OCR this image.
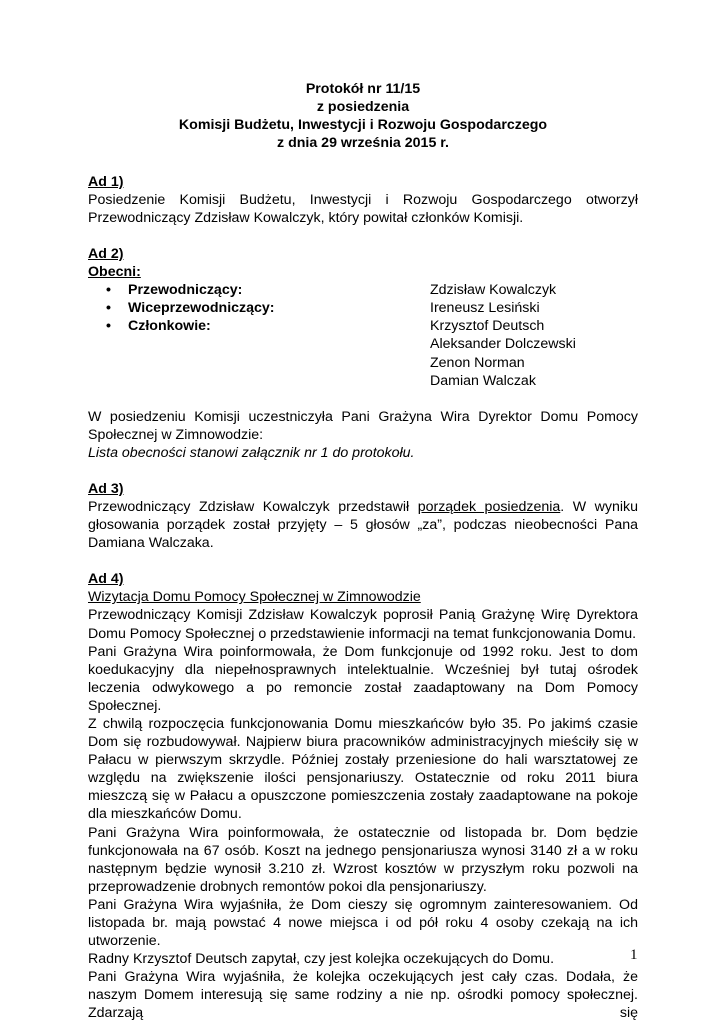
Protokół nr 11/15
z posiedzenia
Komisji Budżetu, Inwestycji i Rozwoju Gospodarczego
z dnia 29 września 2015 r.
Ad 1)

Posiedzenie Komisji Budżetu, Inwestycji i Rozwoju Gospodarczego otworzył Przewodniczący Zdzisław Kowalczyk, który powitał członków Komisji.

Ad 2)
Obecni:
• Przewodniczący:	Zdzisław Kowalczyk
• Wiceprzewodniczący:	Ireneusz Lesiński
• Członkowie:	Krzysztof Deutsch
Aleksander Dolczewski
Zenon Norman
Damian Walczak

W posiedzeniu Komisji uczestniczyła Pani Grażyna Wira Dyrektor Domu Pomocy Społecznej w Zimnowodzie:

Lista obecności stanowi załącznik nr 1 do protokołu.

Ad 3)

Przewodniczący Zdzisław Kowalczyk przedstawił porządek posiedzenia. W wyniku głosowania porządek został przyjęty – 5 głosów „za”, podczas nieobecności Pana Damiana Walczaka.

Ad 4)

Wizytacja Domu Pomocy Społecznej w Zimnowodzie

Przewodniczący Komisji Zdzisław Kowalczyk poprosił Panią Grażynę Wirę Dyrektora Domu Pomocy Społecznej o przedstawienie informacji na temat funkcjonowania Domu.

Pani Grażyna Wira poinformowała, że Dom funkcjonuje od 1992 roku. Jest to dom koedukacyjny dla niepełnosprawnych intelektualnie. Wcześniej był tutaj ośrodek leczenia odwykowego a po remoncie został zaadaptowany na Dom Pomocy Społecznej.

Z chwilą rozpoczęcia funkcjonowania Domu mieszkańców było 35. Po jakimś czasie Dom się rozbudowywał. Najpierw biura pracowników administracyjnych mieściły się w Pałacu w pierwszym skrzydle. Później zostały przeniesione do hali warsztatowej ze względu na zwiększenie ilości pensjonariuszy. Ostatecznie od roku 2011 biura mieszczą się w Pałacu a opuszczone pomieszczenia zostały zaadaptowane na pokoje dla mieszkańców Domu.

Pani Grażyna Wira poinformowała, że ostatecznie od listopada br. Dom będzie funkcjonowała na 67 osób. Koszt na jednego pensjonariusza wynosi 3140 zł a w roku następnym będzie wynosił 3.210 zł. Wzrost kosztów w przyszłym roku pozwoli na przeprowadzenie drobnych remontów pokoi dla pensjonariuszy.

Pani Grażyna Wira wyjaśniła, że Dom cieszy się ogromnym zainteresowaniem. Od listopada br. mają powstać 4 nowe miejsca i od pół roku 4 osoby czekają na ich utworzenie.

Radny Krzysztof Deutsch zapytał, czy jest kolejka oczekujących do Domu.

Pani Grażyna Wira wyjaśniła, że kolejka oczekujących jest cały czas. Dodała, że naszym Domem interesują się same rodziny a nie np. ośrodki pomocy społecznej. Zdarzają się

1
